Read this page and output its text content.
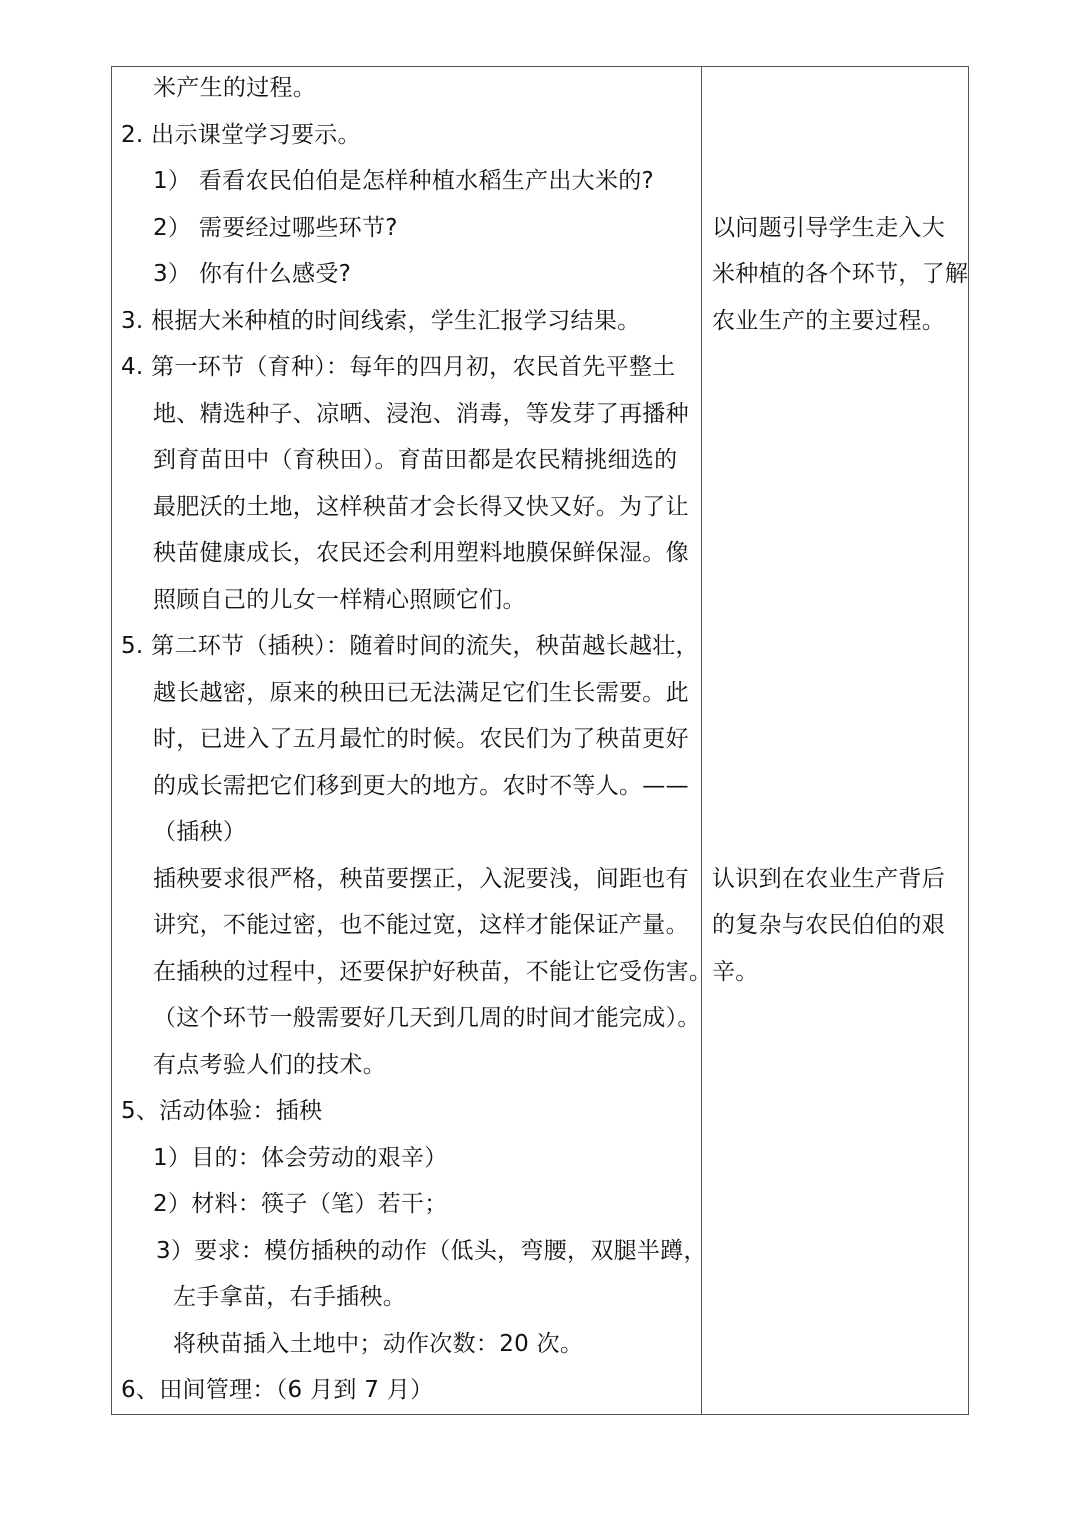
米产生的过程。
2. 出示课堂学习要示。
1） 看看农民伯伯是怎样种植水稻生产出大米的?
2） 需要经过哪些环节?
3） 你有什么感受?
3. 根据大米种植的时间线索，学生汇报学习结果。
4. 第一环节（育种）：每年的四月初，农民首先平整土
地、精选种子、凉晒、浸泡、消毒，等发芽了再播种
到育苗田中（育秧田）。育苗田都是农民精挑细选的
最肥沃的土地，这样秧苗才会长得又快又好。为了让
秧苗健康成长，农民还会利用塑料地膜保鲜保湿。像
照顾自己的儿女一样精心照顾它们。
5. 第二环节（插秧）：随着时间的流失，秧苗越长越壮，
越长越密，原来的秧田已无法满足它们生长需要。此
时，已进入了五月最忙的时候。农民们为了秧苗更好
的成长需把它们移到更大的地方。农时不等人。——
（插秧）
插秧要求很严格，秧苗要摆正，入泥要浅，间距也有
讲究，不能过密，也不能过宽，这样才能保证产量。
在插秧的过程中，还要保护好秧苗，不能让它受伤害。
（这个环节一般需要好几天到几周的时间才能完成）。
有点考验人们的技术。
5、活动体验：插秧
1）目的：体会劳动的艰辛）
2）材料：筷子（笔）若干；
3）要求：模仿插秧的动作（低头，弯腰，双腿半蹲，
左手拿苗，右手插秧。
将秧苗插入土地中；动作次数：20 次。
6、田间管理：（6 月到 7 月）
以问题引导学生走入大
米种植的各个环节，了解
农业生产的主要过程。
认识到在农业生产背后
的复杂与农民伯伯的艰
辛。
